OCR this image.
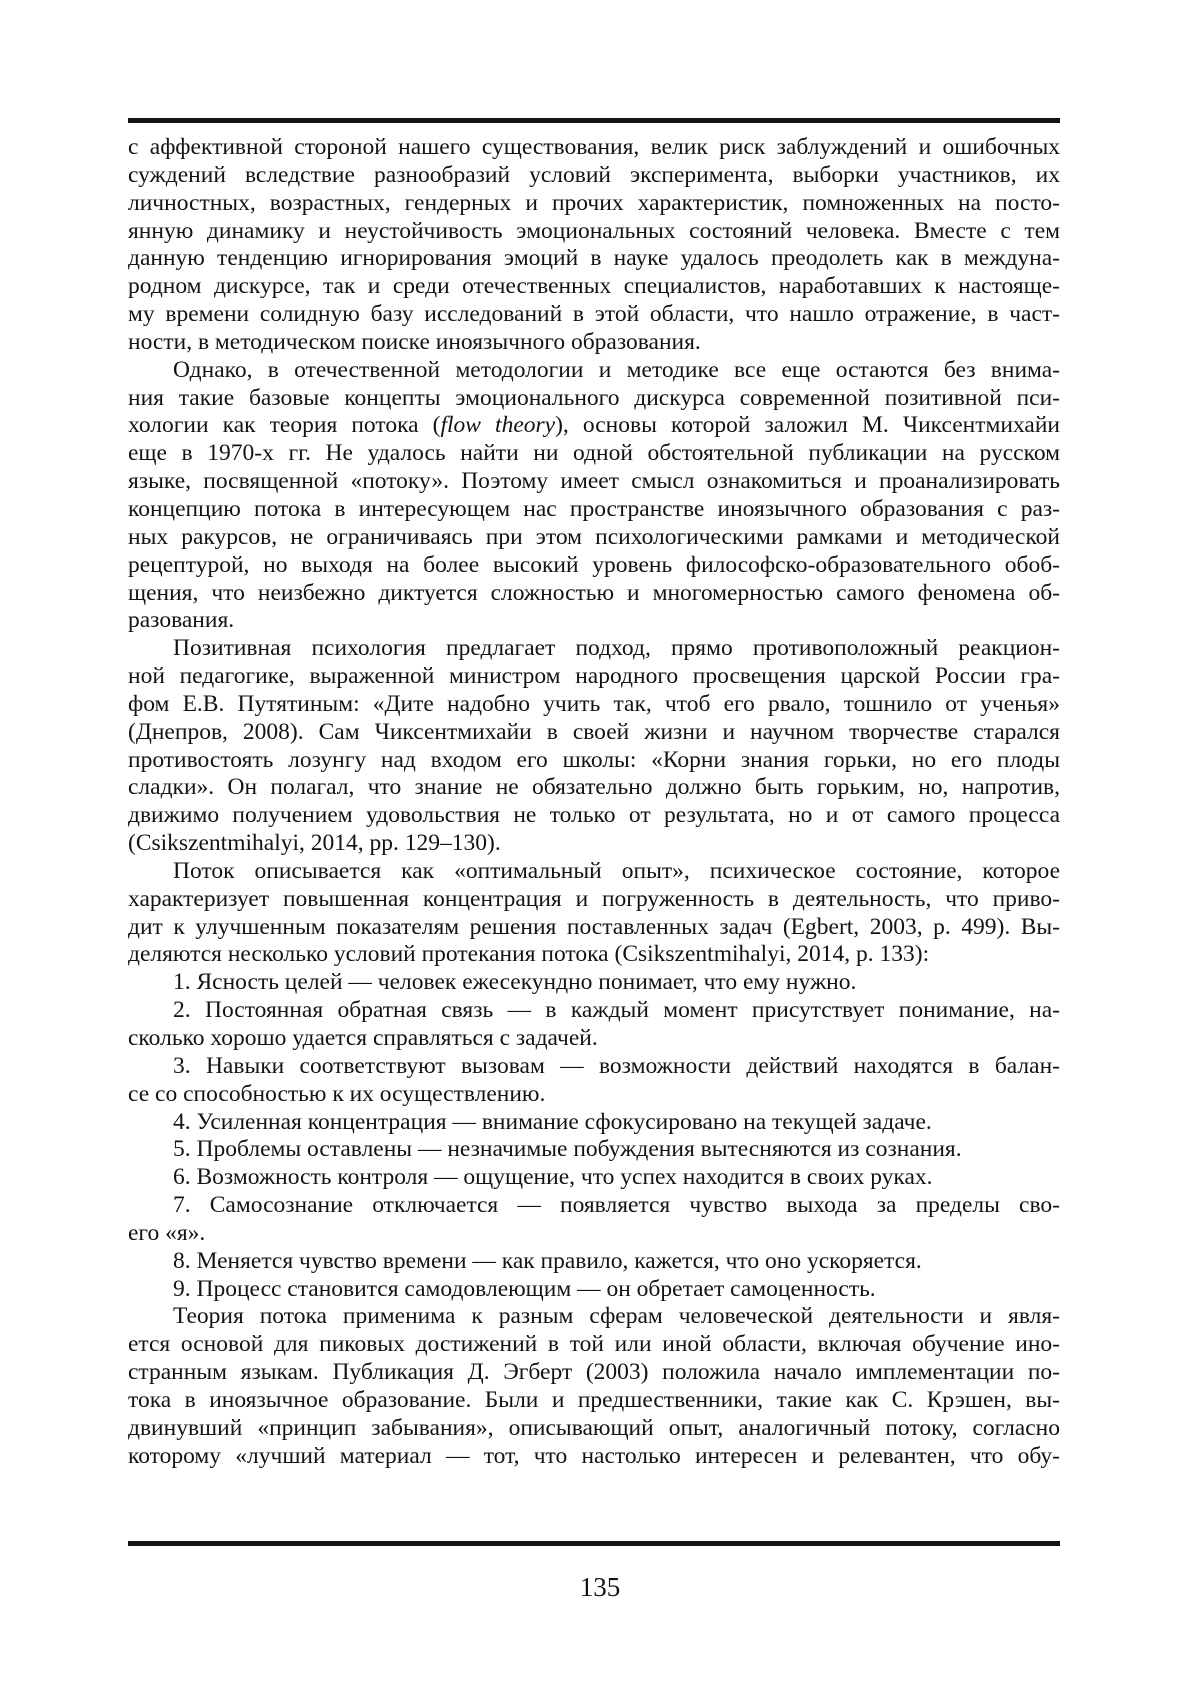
с аффективной стороной нашего существования, велик риск заблуждений и ошибочных
суждений вследствие разнообразий условий эксперимента, выборки участников, их
личностных, возрастных, гендерных и прочих характеристик, помноженных на посто-
янную динамику и неустойчивость эмоциональных состояний человека. Вместе с тем
данную тенденцию игнорирования эмоций в науке удалось преодолеть как в междуна-
родном дискурсе, так и среди отечественных специалистов, наработавших к настояще-
му времени солидную базу исследований в этой области, что нашло отражение, в част-
ности, в методическом поиске иноязычного образования.
Однако, в отечественной методологии и методике все еще остаются без внима-
ния такие базовые концепты эмоционального дискурса современной позитивной пси-
хологии как теория потока (flow theory), основы которой заложил М. Чиксентмихайи
еще в 1970-х гг. Не удалось найти ни одной обстоятельной публикации на русском
языке, посвященной «потоку». Поэтому имеет смысл ознакомиться и проанализировать
концепцию потока в интересующем нас пространстве иноязычного образования с раз-
ных ракурсов, не ограничиваясь при этом психологическими рамками и методической
рецептурой, но выходя на более высокий уровень философско-образовательного обоб-
щения, что неизбежно диктуется сложностью и многомерностью самого феномена об-
разования.
Позитивная психология предлагает подход, прямо противоположный реакцион-
ной педагогике, выраженной министром народного просвещения царской России гра-
фом Е.В. Путятиным: «Дите надобно учить так, чтоб его рвало, тошнило от ученья»
(Днепров, 2008). Сам Чиксентмихайи в своей жизни и научном творчестве старался
противостоять лозунгу над входом его школы: «Корни знания горьки, но его плоды
сладки». Он полагал, что знание не обязательно должно быть горьким, но, напротив,
движимо получением удовольствия не только от результата, но и от самого процесса
(Csikszentmihalyi, 2014, pp. 129–130).
Поток описывается как «оптимальный опыт», психическое состояние, которое
характеризует повышенная концентрация и погруженность в деятельность, что приво-
дит к улучшенным показателям решения поставленных задач (Egbert, 2003, p. 499). Вы-
деляются несколько условий протекания потока (Csikszentmihalyi, 2014, p. 133):
1. Ясность целей — человек ежесекундно понимает, что ему нужно.
2. Постоянная обратная связь — в каждый момент присутствует понимание, на-
сколько хорошо удается справляться с задачей.
3. Навыки соответствуют вызовам — возможности действий находятся в балан-
се со способностью к их осуществлению.
4. Усиленная концентрация — внимание сфокусировано на текущей задаче.
5. Проблемы оставлены — незначимые побуждения вытесняются из сознания.
6. Возможность контроля — ощущение, что успех находится в своих руках.
7. Самосознание отключается — появляется чувство выхода за пределы сво-
его «я».
8. Меняется чувство времени — как правило, кажется, что оно ускоряется.
9. Процесс становится самодовлеющим — он обретает самоценность.
Теория потока применима к разным сферам человеческой деятельности и явля-
ется основой для пиковых достижений в той или иной области, включая обучение ино-
странным языкам. Публикация Д. Эгберт (2003) положила начало имплементации по-
тока в иноязычное образование. Были и предшественники, такие как С. Крэшен, вы-
двинувший «принцип забывания», описывающий опыт, аналогичный потоку, согласно
которому «лучший материал — тот, что настолько интересен и релевантен, что обу-
135
